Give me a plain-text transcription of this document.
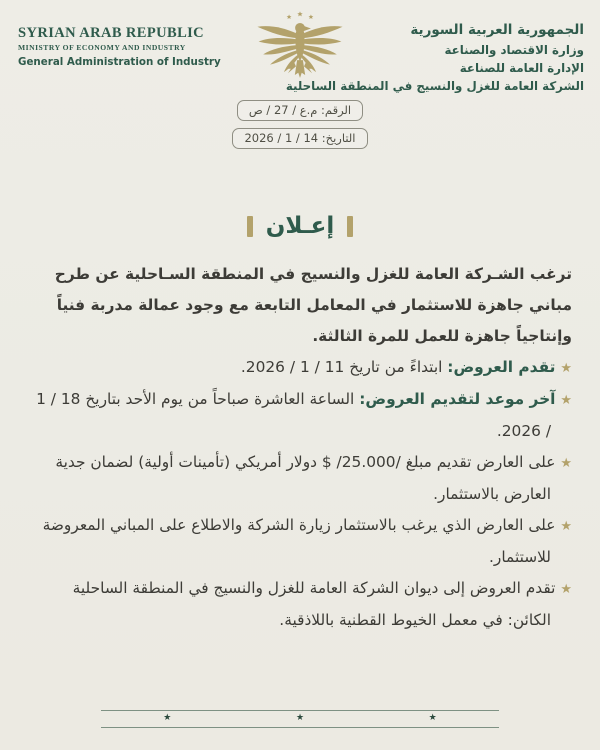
SYRIAN ARAB REPUBLIC
MINISTRY OF ECONOMY AND INDUSTRY
General Administration of Industry
الجمهورية العربية السورية
وزارة الاقتصاد والصناعة
الإدارة العامة للصناعة
الشركة العامة للغزل والنسيج في المنطقة الساحلية
الرقم: م.ع / 27 / ص
التاريخ: 14 / 1 / 2026
إعـلان

ترغب الشـركة العامة للغزل والنسيج في المنطقة السـاحلية عن طرح مباني جاهزة للاستثمار في المعامل التابعة مع وجود عمالة مدربة فنياً وإنتاجياً جاهزة للعمل للمرة الثالثة.

★ تقدم العروض: ابتداءً من تاريخ 11 / 1 / 2026.
★ آخر موعد لتقديم العروض: الساعة العاشرة صباحاً من يوم الأحد بتاريخ 18 / 1 / 2026.
★ على العارض تقديم مبلغ /25.000/ $ دولار أمريكي (تأمينات أولية) لضمان جدية العارض بالاستثمار.
★ على العارض الذي يرغب بالاستثمار زيارة الشركة والاطلاع على المباني المعروضة للاستثمار.
★ تقدم العروض إلى ديوان الشركة العامة للغزل والنسيج في المنطقة الساحلية الكائن: في معمل الخيوط القطنية باللاذقية.
★	★	★
